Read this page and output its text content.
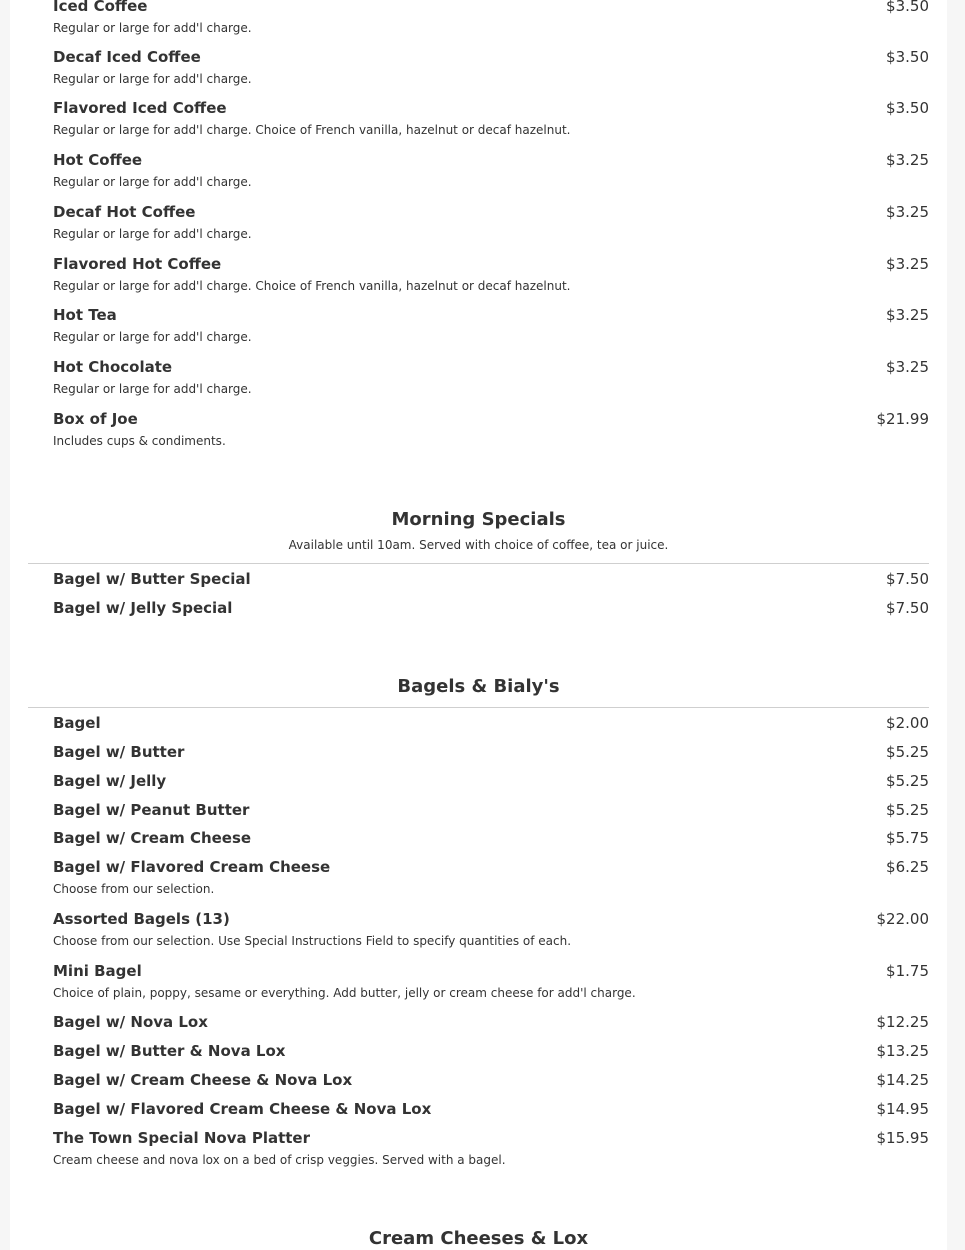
Iced Coffee	$3.50
Regular or large for add'l charge.
Decaf Iced Coffee	$3.50
Regular or large for add'l charge.
Flavored Iced Coffee	$3.50
Regular or large for add'l charge. Choice of French vanilla, hazelnut or decaf hazelnut.
Hot Coffee	$3.25
Regular or large for add'l charge.
Decaf Hot Coffee	$3.25
Regular or large for add'l charge.
Flavored Hot Coffee	$3.25
Regular or large for add'l charge. Choice of French vanilla, hazelnut or decaf hazelnut.
Hot Tea	$3.25
Regular or large for add'l charge.
Hot Chocolate	$3.25
Regular or large for add'l charge.
Box of Joe	$21.99
Includes cups & condiments.
Morning Specials
Available until 10am. Served with choice of coffee, tea or juice.
Bagel w/ Butter Special	$7.50
Bagel w/ Jelly Special	$7.50
Bagels & Bialy's
Bagel	$2.00
Bagel w/ Butter	$5.25
Bagel w/ Jelly	$5.25
Bagel w/ Peanut Butter	$5.25
Bagel w/ Cream Cheese	$5.75
Bagel w/ Flavored Cream Cheese	$6.25
Choose from our selection.
Assorted Bagels (13)	$22.00
Choose from our selection. Use Special Instructions Field to specify quantities of each.
Mini Bagel	$1.75
Choice of plain, poppy, sesame or everything. Add butter, jelly or cream cheese for add'l charge.
Bagel w/ Nova Lox	$12.25
Bagel w/ Butter & Nova Lox	$13.25
Bagel w/ Cream Cheese & Nova Lox	$14.25
Bagel w/ Flavored Cream Cheese & Nova Lox	$14.95
The Town Special Nova Platter	$15.95
Cream cheese and nova lox on a bed of crisp veggies. Served with a bagel.
Cream Cheeses & Lox
